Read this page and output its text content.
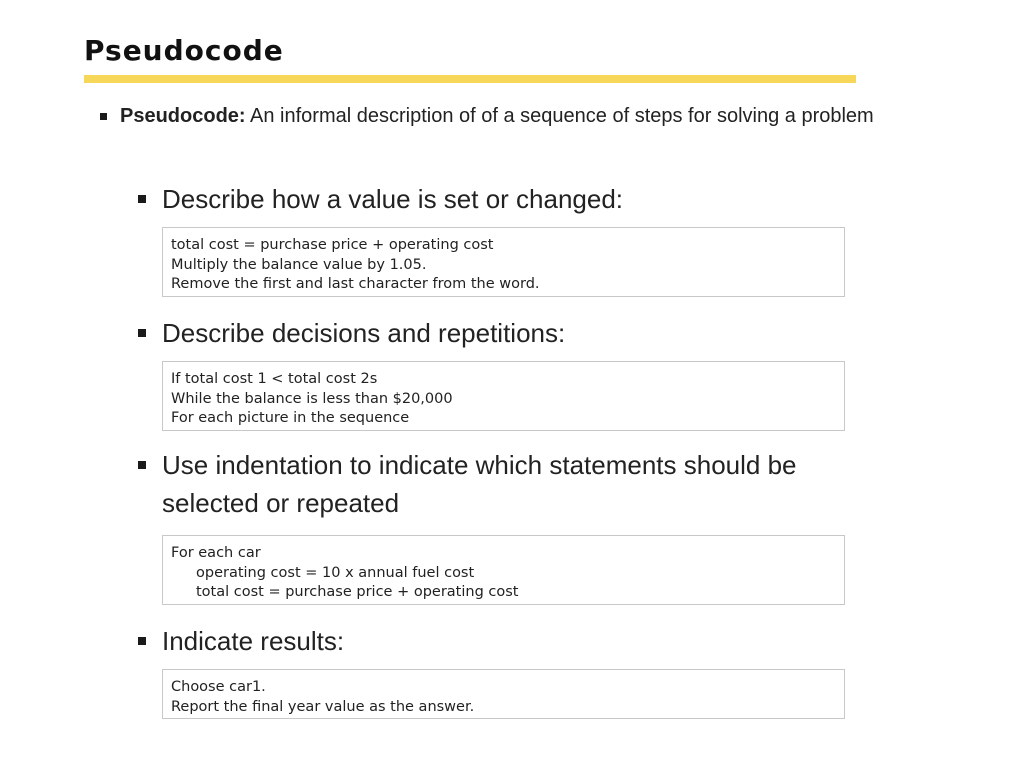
Pseudocode
Pseudocode: An informal description of of a sequence of steps for solving a problem
Describe how a value is set or changed:
total cost = purchase price + operating cost
Multiply the balance value by 1.05.
Remove the first and last character from the word.
Describe decisions and repetitions:
If total cost 1 < total cost 2s
While the balance is less than $20,000
For each picture in the sequence
Use indentation to indicate which statements should be selected or repeated
For each car
operating cost = 10 x annual fuel cost
total cost = purchase price + operating cost
Indicate results:
Choose car1.
Report the final year value as the answer.
